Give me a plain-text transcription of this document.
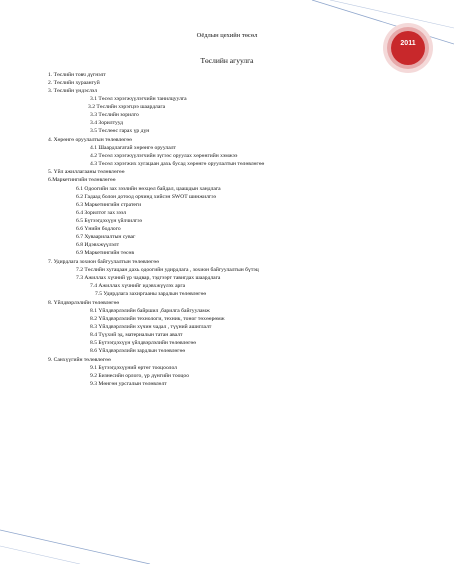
2011
Оёдлын цехийн төсөл
Төслийн агуулга
1. Төслийн товч дүгнэлт
2. Төслийн хураангуй
3. Төслийн үндэслэл
3.1 Төсөл хэрэгжүүлэгчийн танилцуулга
3.2 Төслийн хэрэгцээ шаардлага
3.3 Төслийн зорилго
3.4 Зорилтууд
3.5 Төслөөс гарах үр дүн
4. Хөрөнгө оруулалтын төлөвлөгөө
4.1 Шаардлагатай хөрөнгө оруулалт
4.2 Төсөл хэрэгжүүлэгчийн зүгээс оруулах хөрөнгийн хэмжээ
4.3 Төсөл хэрэгжих хугацаан дахь бусад хөрөнгө оруулалтын төлөвлөгөө
5. Үйл ажиллагааны төлөвлөгөө
6.Маркетингийн төлөвлөгөө
6.1 Одоогийн зах зээлийн нөхцөл байдал, цаашдын хандлага
6.2 Гадаад болон дотоод орчинд хийсэн SWOT шинжилгээ
6.3 Маркетингийн стратеги
6.4 Зорилтот зах зээл
6.5 Бүтээгдэхүүн үйлчилгээ
6.6 Үнийн бодлого
6.7 Хуваарилалтын суваг
6.8 Идэвхжүүлэлт
6.9 Маркетингийн төсөв
7. Удирдлага зохион байгуулалтын төлөвлөгөө
7.2 Төслийн хугацаан дахь одоогийн удирдлага , зохион байгуулалтын бүтэц
7.3 Ажиллах хүчний үр чадвар, тэдгээрт тавигдах шаардлага
7.4 Ажиллах хүчнийг идэвхжүүлэх арга
7.5 Удирдлага захиргааны зардлын төлөвлөгөө
8. Үйлдвэрлэлийн төлөвлөгөө
8.1 Үйлдвэрлэлийн байршил ,барилга байгууламж
8.2 Үйлдвэрлэлийн технологи, техник, тоног төхөөрөмж
8.3 Үйлдвэрлэлийн хүчин чадал , түүний ашиглалт
8.4 Түүхий эд, материалын татан авалт
8.5 Бүтээгдэхүүн үйлдвэрлэлийн төлөвлөгөө
8.6 Үйлдвэрлэлийн зардлын төлөвлөгөө
9. Санхүүгийн төлөвлөгөө
9.1 Бүтээгдэхүүний өртөг тооцоолол
9.2 Бизнесийн орлого, үр дүнгийн тооцоо
9.3 Мөнгөн урсгалын төлөвлөлт
